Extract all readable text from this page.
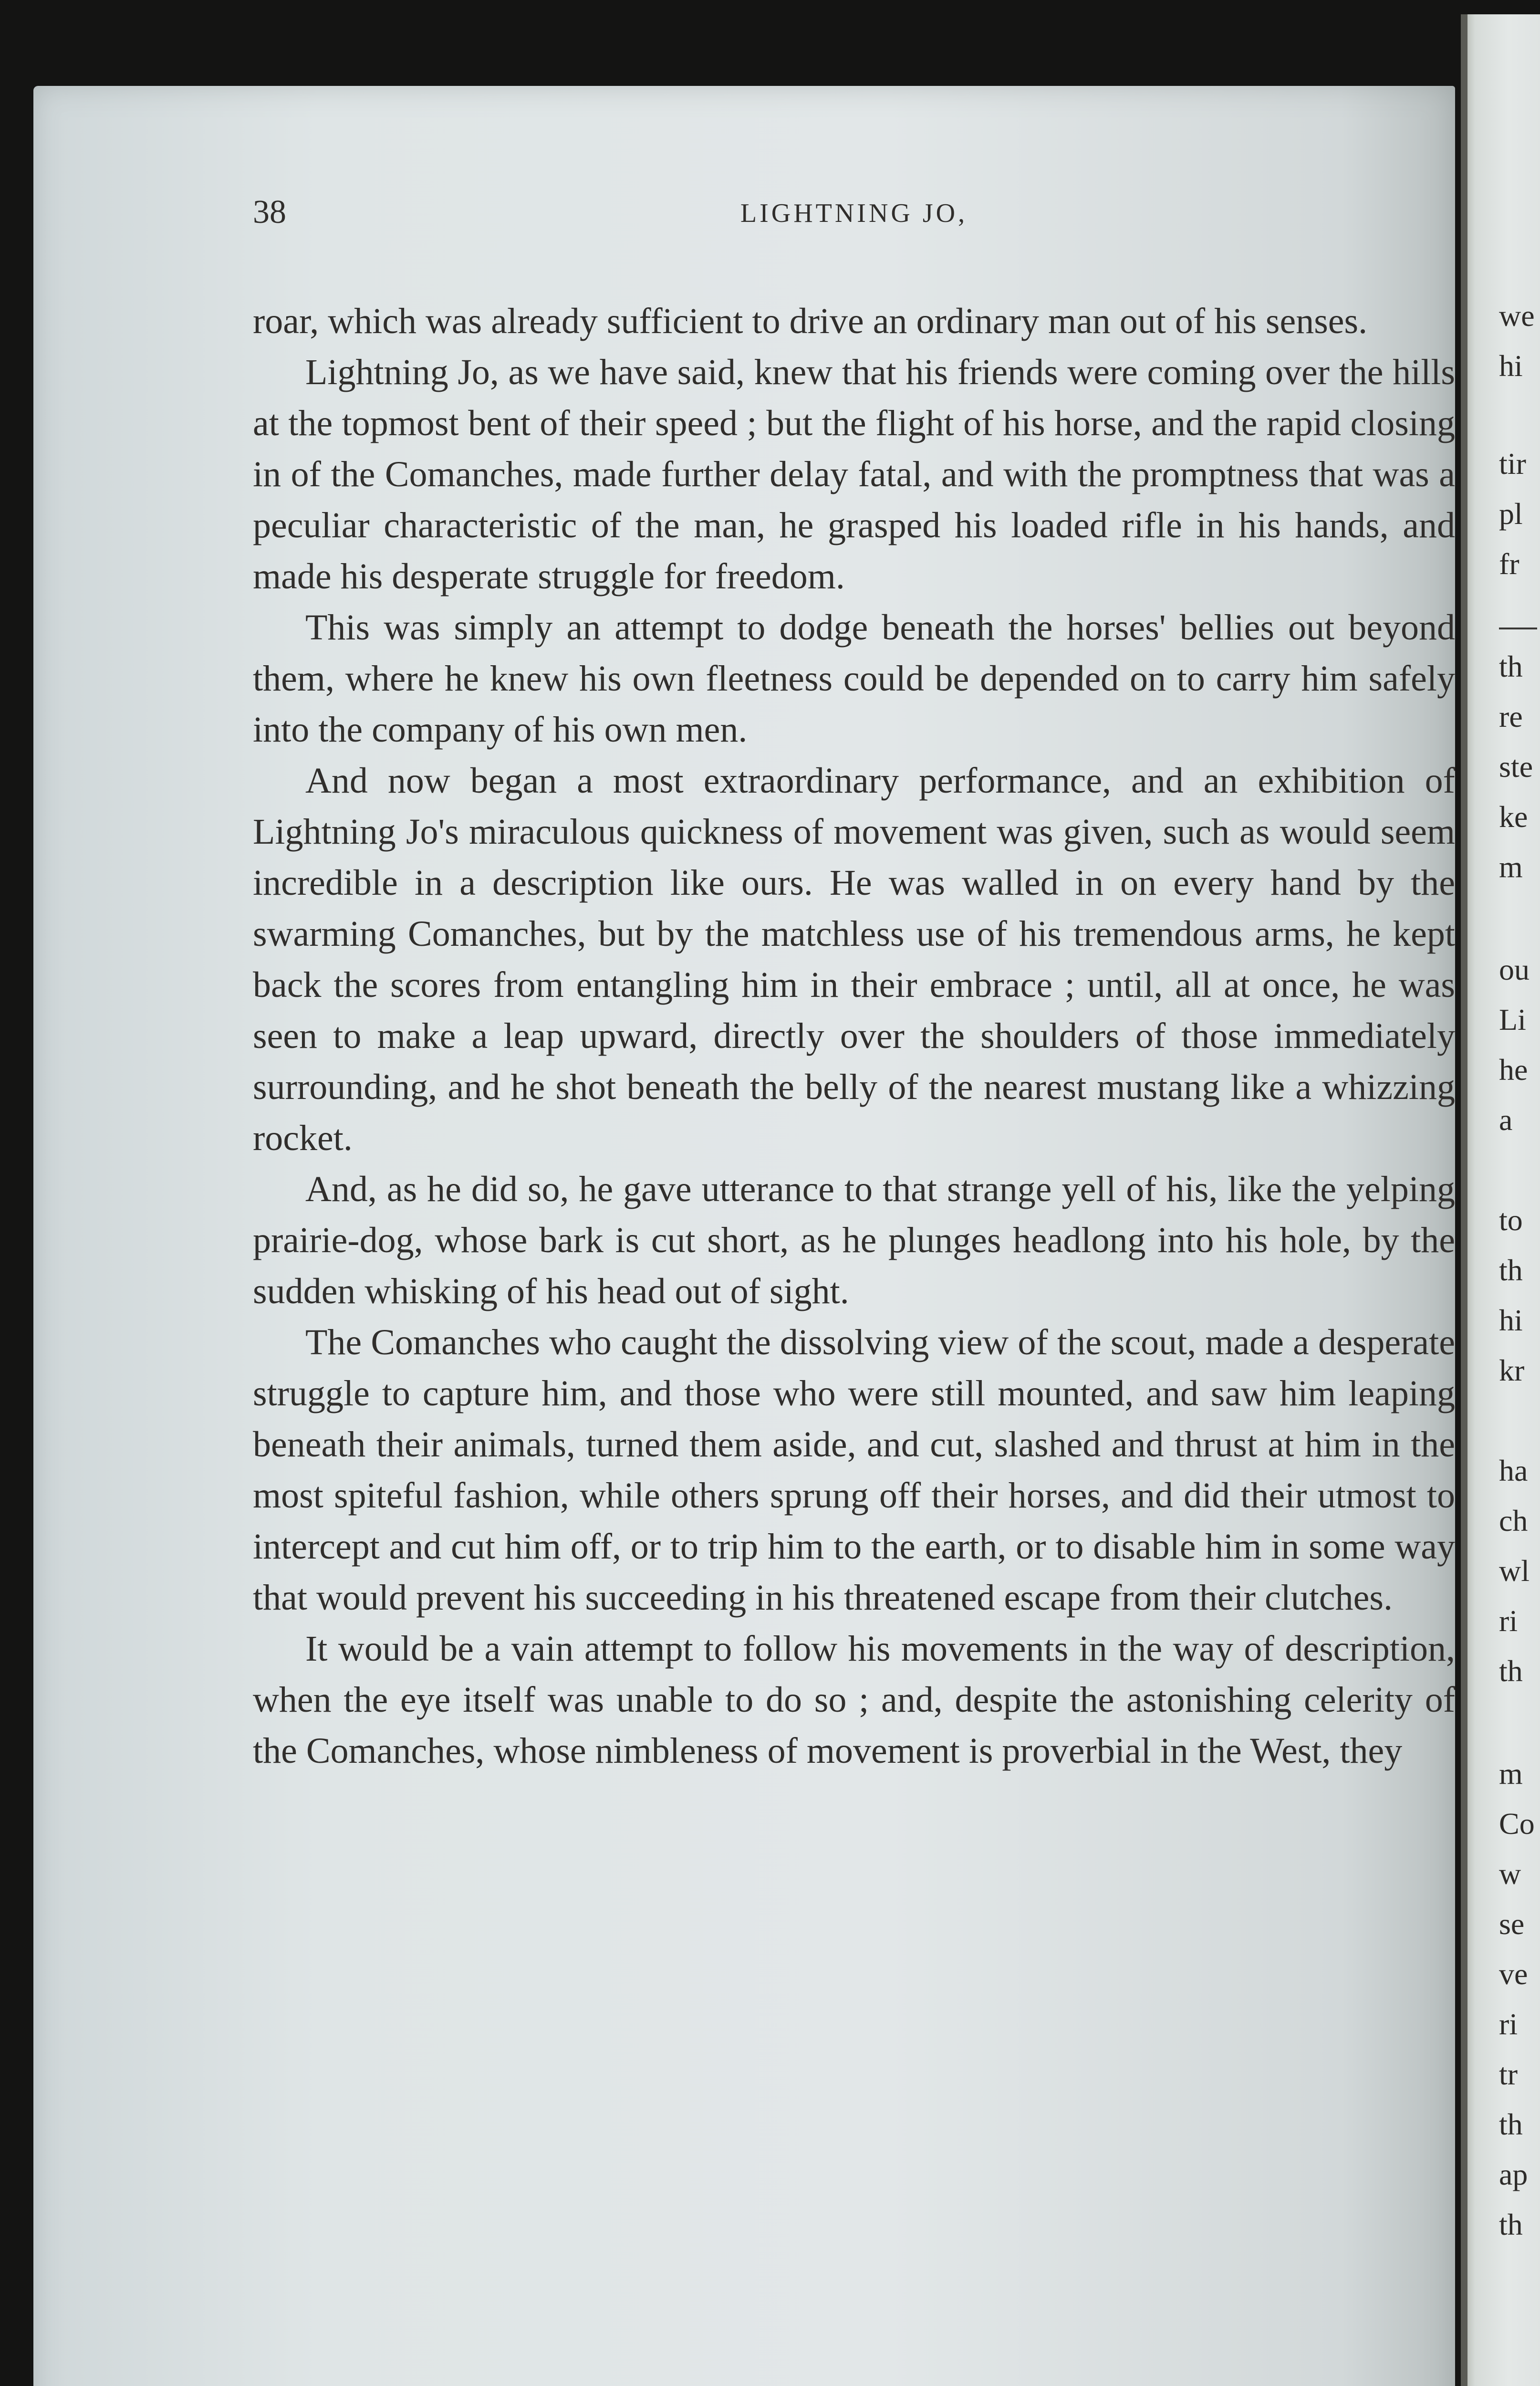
we
hi
tir
pl
fr
th
re
ste
ke
m
ou
Li
he
a
to
th
hi
kr
ha
ch
wl
ri
th
m
Co
w
se
ve
ri
tr
th
ap
th
38	LIGHTNING JO,

roar, which was already sufficient to drive an ordinary man out of his senses.

Lightning Jo, as we have said, knew that his friends were coming over the hills at the topmost bent of their speed ; but the flight of his horse, and the rapid closing in of the Comanches, made further delay fatal, and with the promptness that was a peculiar characteristic of the man, he grasped his loaded rifle in his hands, and made his desperate struggle for freedom.

This was simply an attempt to dodge beneath the horses' bellies out beyond them, where he knew his own fleetness could be depended on to carry him safely into the company of his own men.

And now began a most extraordinary performance, and an exhibition of Lightning Jo's miraculous quickness of movement was given, such as would seem incredible in a description like ours. He was walled in on every hand by the swarming Comanches, but by the matchless use of his tremendous arms, he kept back the scores from entangling him in their embrace ; until, all at once, he was seen to make a leap upward, directly over the shoulders of those immediately surrounding, and he shot beneath the belly of the nearest mustang like a whizzing rocket.

And, as he did so, he gave utterance to that strange yell of his, like the yelping prairie-dog, whose bark is cut short, as he plunges headlong into his hole, by the sudden whisking of his head out of sight.

The Comanches who caught the dissolving view of the scout, made a desperate struggle to capture him, and those who were still mounted, and saw him leaping beneath their animals, turned them aside, and cut, slashed and thrust at him in the most spiteful fashion, while others sprung off their horses, and did their utmost to intercept and cut him off, or to trip him to the earth, or to disable him in some way that would prevent his succeeding in his threatened escape from their clutches.

It would be a vain attempt to follow his movements in the way of description, when the eye itself was unable to do so ; and, despite the astonishing celerity of the Comanches, whose nimbleness of movement is proverbial in the West, they
